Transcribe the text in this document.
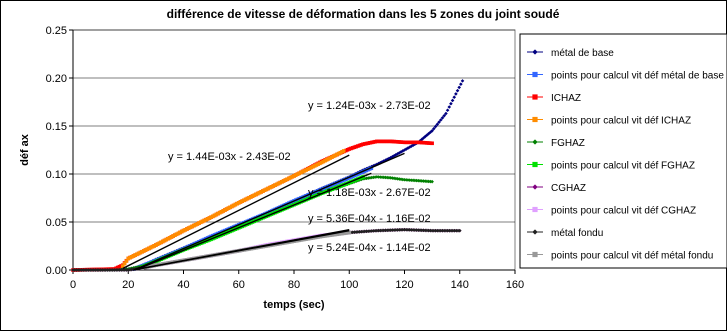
différence de vitesse de déformation dans les 5 zones du joint soudé
0.00
0.05
0.10
0.15
0.20
0.25
0	20	40	60	80	100	120	140	160
temps (sec)
déf ax
y = 1.24E-03x - 2.73E-02
y = 1.44E-03x - 2.43E-02
y = 1.18E-03x - 2.67E-02
y = 5.36E-04x - 1.16E-02
y = 5.24E-04x - 1.14E-02
métal de base
points pour calcul vit déf métal de base
ICHAZ
points pour calcul vit déf ICHAZ
FGHAZ
points pour calcul vit déf FGHAZ
CGHAZ
points pour calcul vit déf CGHAZ
métal fondu
points pour calcul vit déf métal fondu
